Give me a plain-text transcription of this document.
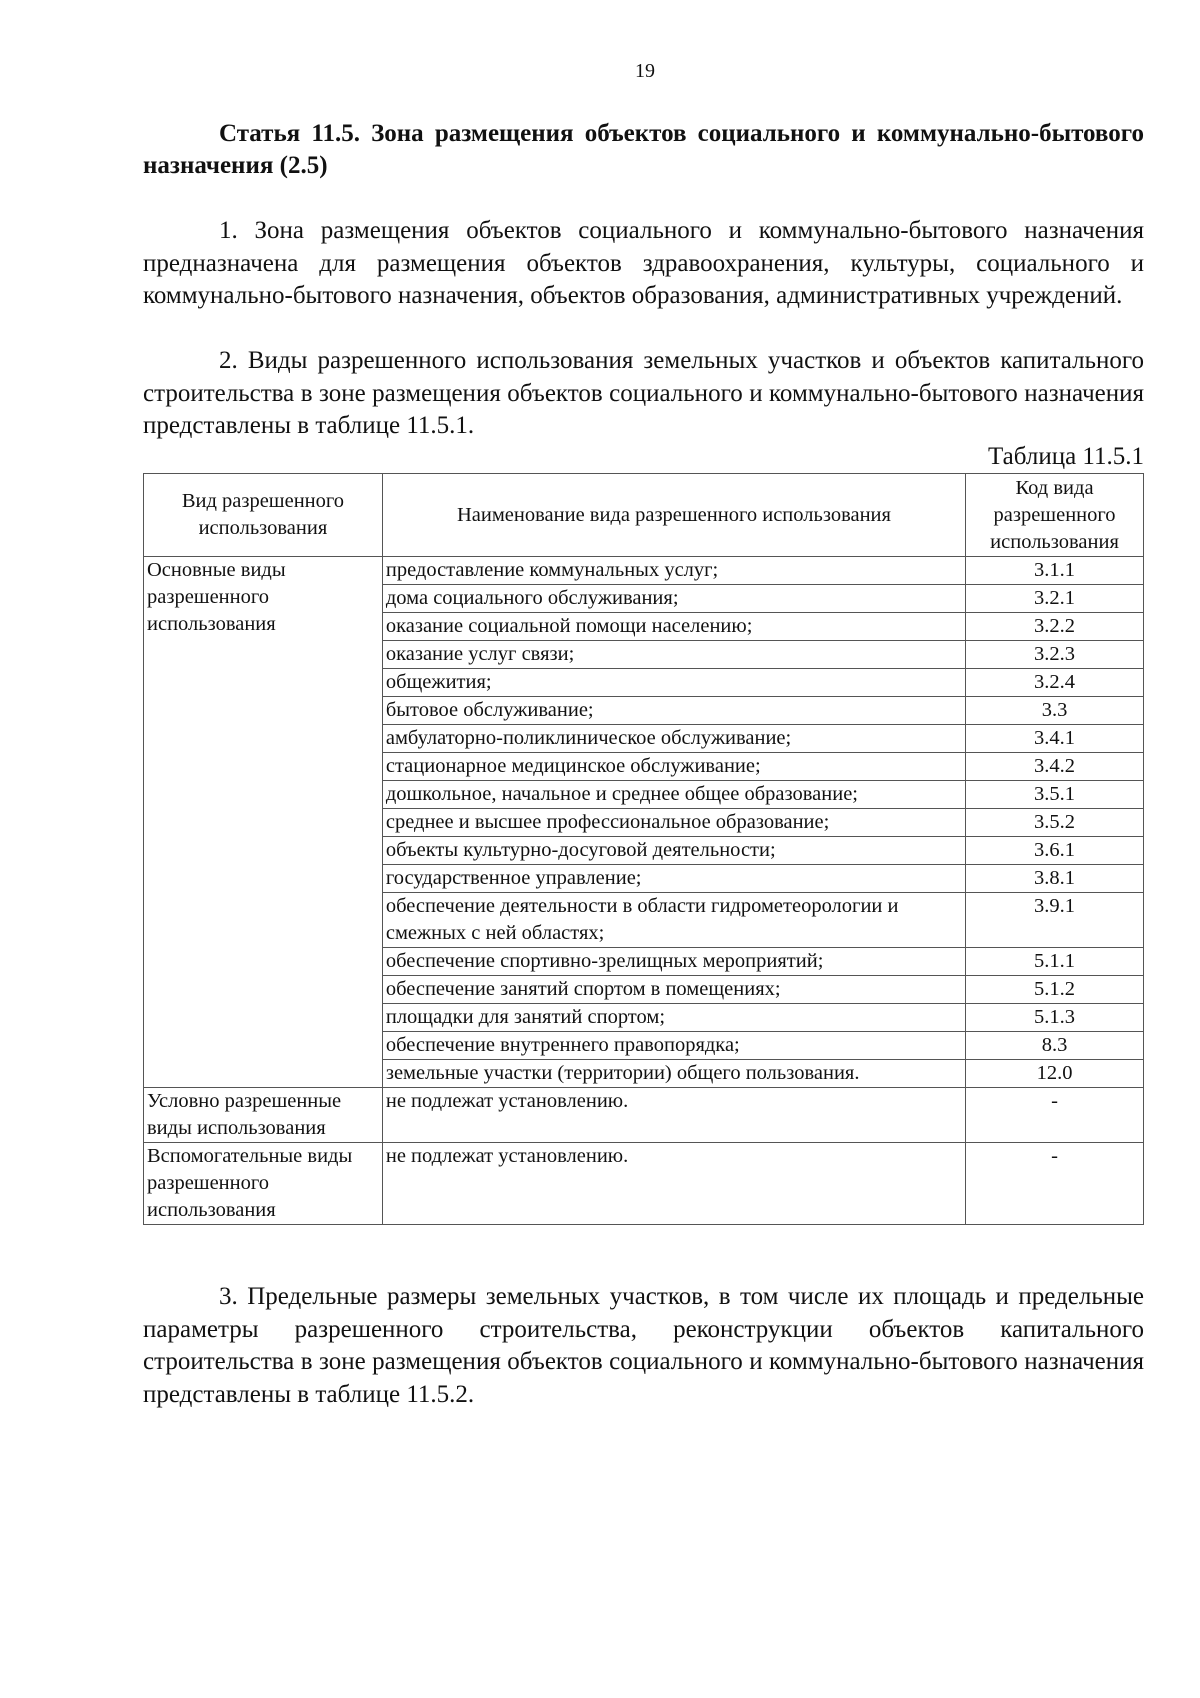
19
Статья 11.5. Зона размещения объектов социального и коммунально-бытового назначения (2.5)
1. Зона размещения объектов социального и коммунально-бытового назначения предназначена для размещения объектов здравоохранения, культуры, социального и коммунально-бытового назначения, объектов образования, административных учреждений.
2. Виды разрешенного использования земельных участков и объектов капитального строительства в зоне размещения объектов социального и коммунально-бытового назначения представлены в таблице 11.5.1.
Таблица 11.5.1
Вид разрешенного использования	Наименование вида разрешенного использования	Код вида разрешенного использования
Основные виды разрешенного использования	предоставление коммунальных услуг;	3.1.1
	дома социального обслуживания;	3.2.1
	оказание социальной помощи населению;	3.2.2
	оказание услуг связи;	3.2.3
	общежития;	3.2.4
	бытовое обслуживание;	3.3
	амбулаторно-поликлиническое обслуживание;	3.4.1
	стационарное медицинское обслуживание;	3.4.2
	дошкольное, начальное и среднее общее образование;	3.5.1
	среднее и высшее профессиональное образование;	3.5.2
	объекты культурно-досуговой деятельности;	3.6.1
	государственное управление;	3.8.1
	обеспечение деятельности в области гидрометеорологии и смежных с ней областях;	3.9.1
	обеспечение спортивно-зрелищных мероприятий;	5.1.1
	обеспечение занятий спортом в помещениях;	5.1.2
	площадки для занятий спортом;	5.1.3
	обеспечение внутреннего правопорядка;	8.3
	земельные участки (территории) общего пользования.	12.0
Условно разрешенные виды использования	не подлежат установлению.	-
Вспомогательные виды разрешенного использования	не подлежат установлению.	-
3. Предельные размеры земельных участков, в том числе их площадь и предельные параметры разрешенного строительства, реконструкции объектов капитального строительства в зоне размещения объектов социального и коммунально-бытового назначения представлены в таблице 11.5.2.
